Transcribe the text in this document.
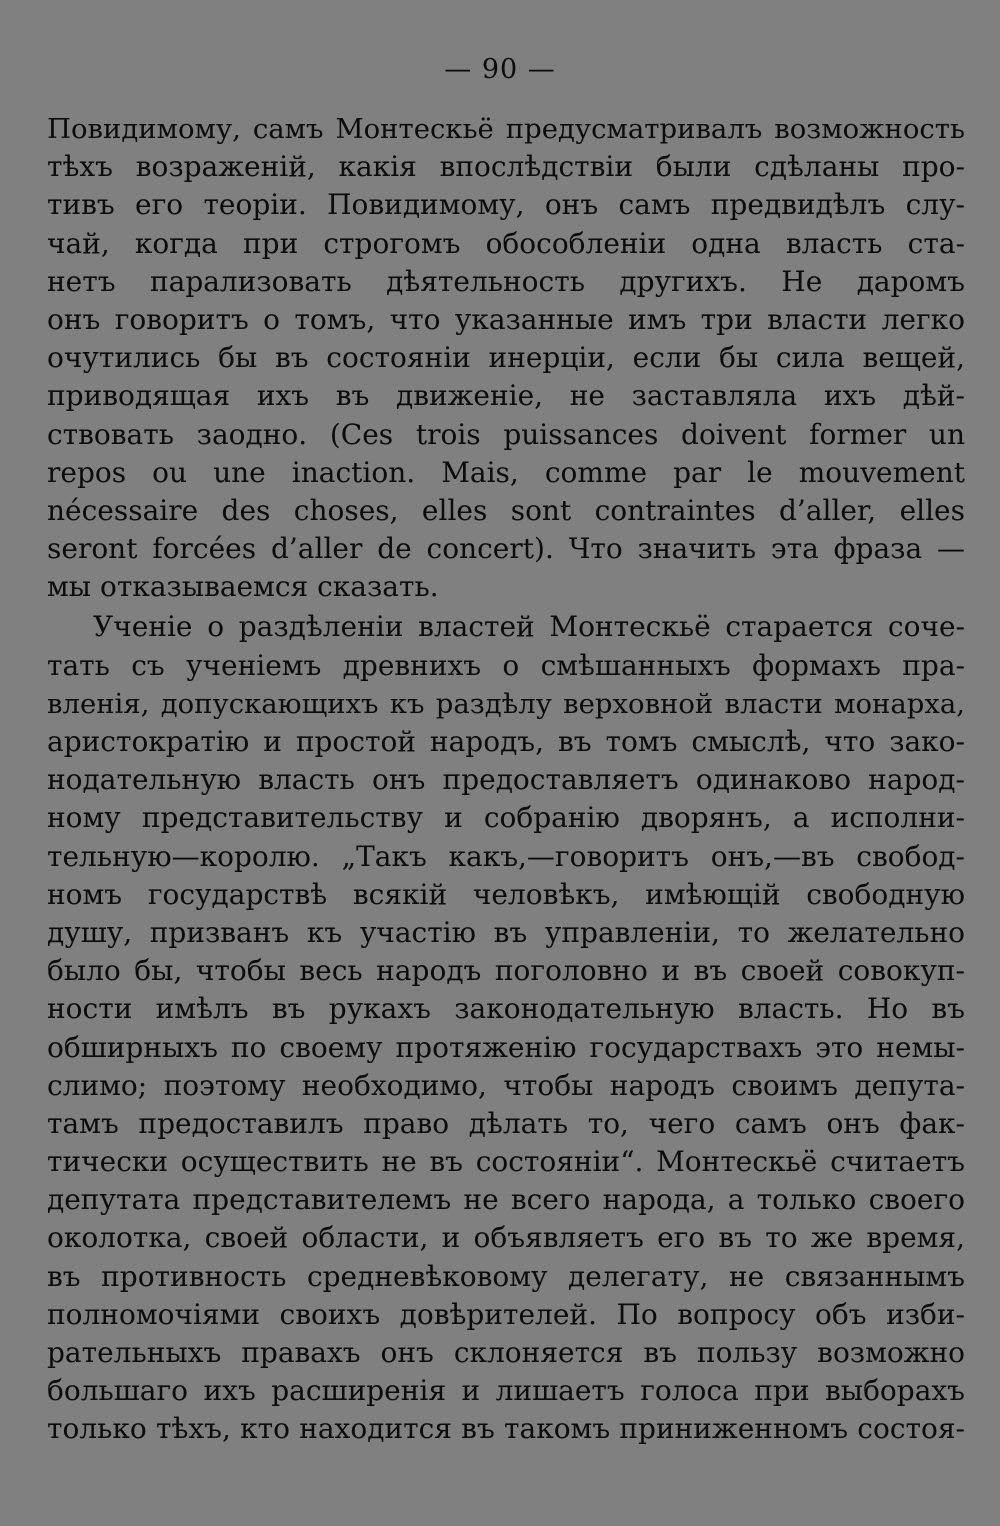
— 90 —
Повидимому, самъ Монтескьё предусматривалъ возможность
тѣхъ возраженій, какія впослѣдствіи были сдѣланы про-
тивъ его теоріи. Повидимому, онъ самъ предвидѣлъ слу-
чай, когда при строгомъ обособленіи одна власть ста-
нетъ парализовать дѣятельность другихъ. Не даромъ
онъ говоритъ о томъ, что указанные имъ три власти легко
очутились бы въ состояніи инерціи, если бы сила вещей,
приводящая ихъ въ движеніе, не заставляла ихъ дѣй-
ствовать заодно. (Ces trois puissances doivent former un
repos ou une inaction. Mais, comme par le mouvement
nécessaire des choses, elles sont contraintes d’aller, elles
seront forcées d’aller de concert). Что значить эта фраза —
мы отказываемся сказать.
Ученіе о раздѣленіи властей Монтескьё старается соче-
тать съ ученіемъ древнихъ о смѣшанныхъ формахъ пра-
вленія, допускающихъ къ раздѣлу верховной власти монарха,
аристократію и простой народъ, въ томъ смыслѣ, что зако-
нодательную власть онъ предоставляетъ одинаково народ-
ному представительству и собранію дворянъ, а исполни-
тельную—королю. „Такъ какъ,—говоритъ онъ,—въ свобод-
номъ государствѣ всякій человѣкъ, имѣющій свободную
душу, призванъ къ участію въ управленіи, то желательно
было бы, чтобы весь народъ поголовно и въ своей совокуп-
ности имѣлъ въ рукахъ законодательную власть. Но въ
обширныхъ по своему протяженію государствахъ это немы-
слимо; поэтому необходимо, чтобы народъ своимъ депута-
тамъ предоставилъ право дѣлать то, чего самъ онъ фак-
тически осуществить не въ состояніи“. Монтескьё считаетъ
депутата представителемъ не всего народа, а только своего
околотка, своей области, и объявляетъ его въ то же время,
въ противность средневѣковому делегату, не связаннымъ
полномочіями своихъ довѣрителей. По вопросу объ изби-
рательныхъ правахъ онъ склоняется въ пользу возможно
большаго ихъ расширенія и лишаетъ голоса при выборахъ
только тѣхъ, кто находится въ такомъ приниженномъ состоя-
